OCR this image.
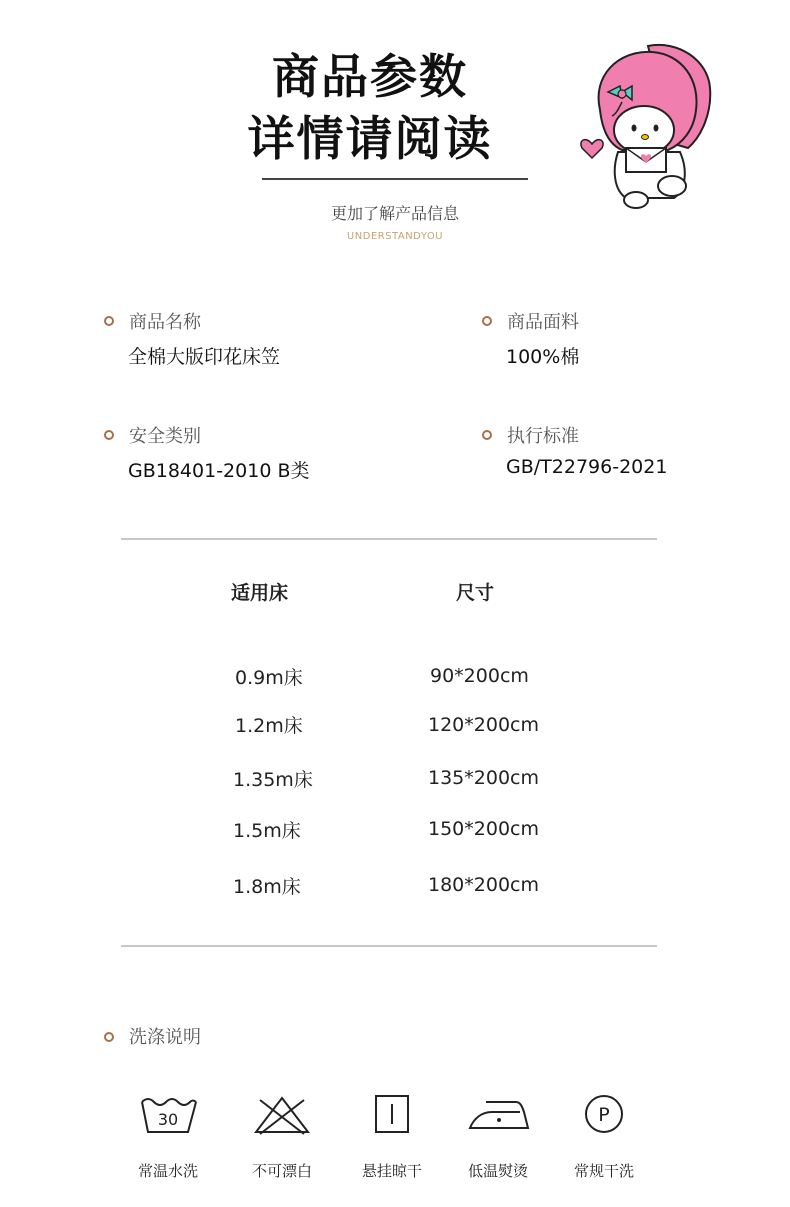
商品参数
详情请阅读
更加了解产品信息
UNDERSTANDYOU
商品名称
全棉大版印花床笠
商品面料
100%棉
安全类别
GB18401-2010 B类
执行标准
GB/T22796-2021
适用床	尺寸
0.9m床	90*200cm
1.2m床	120*200cm
1.35m床	135*200cm
1.5m床	150*200cm
1.8m床	180*200cm
洗涤说明
30
常温水洗	不可漂白	悬挂晾干	低温熨烫
P
常规干洗
